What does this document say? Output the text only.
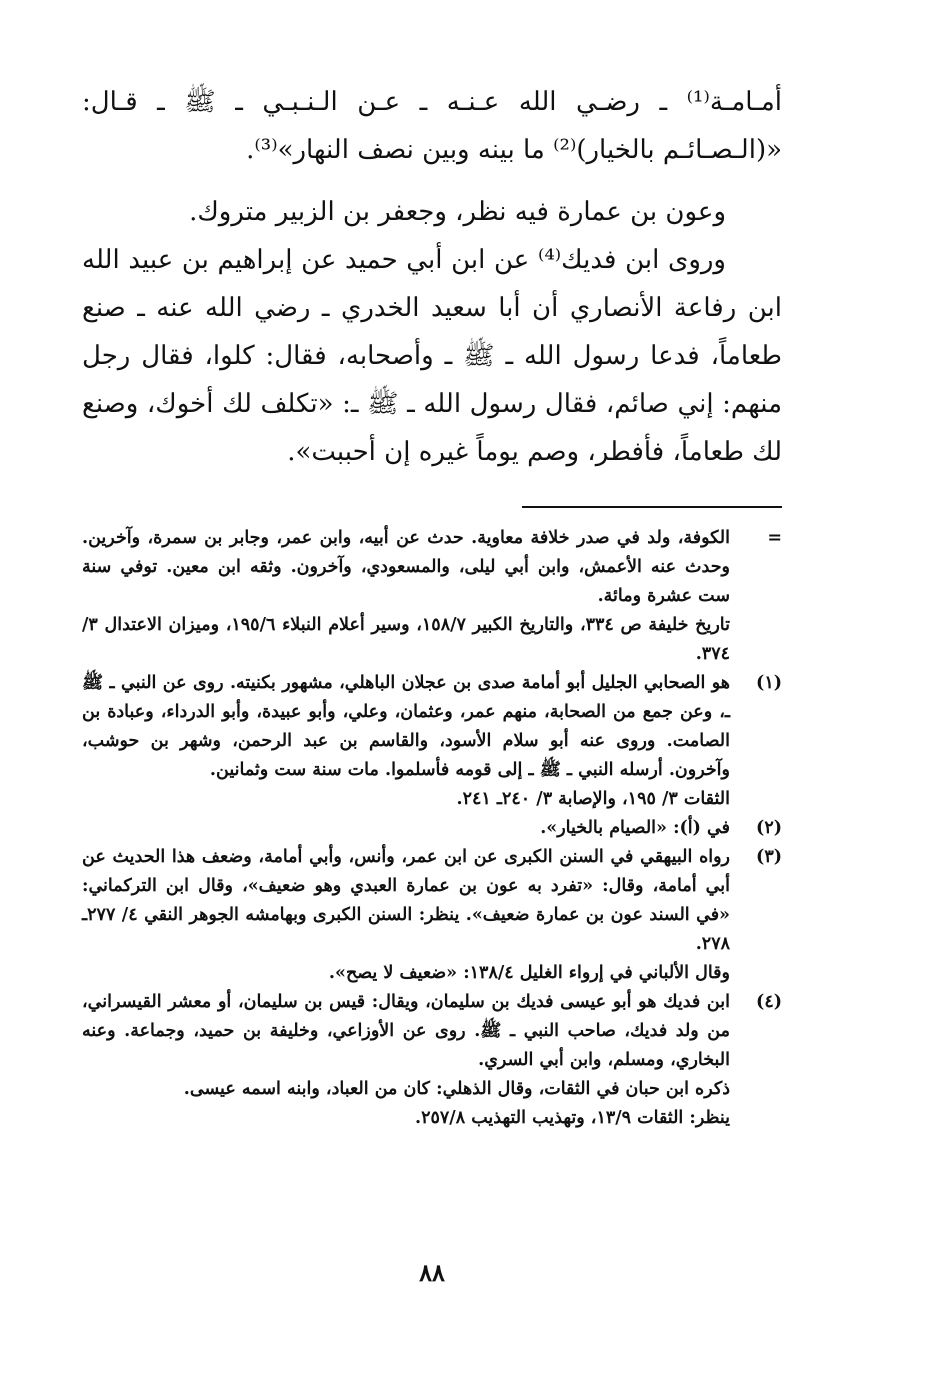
أمـامـة⁽¹⁾ ـ رضـي الله عـنـه ـ عـن الـنـبـي ـ ﷺ ـ قـال: «(الـصـائـم بالخيار)⁽²⁾ ما بينه وبين نصف النهار»⁽³⁾.

وعون بن عمارة فيه نظر، وجعفر بن الزبير متروك.

وروى ابن فديك⁽⁴⁾ عن ابن أبي حميد عن إبراهيم بن عبيد الله ابن رفاعة الأنصاري أن أبا سعيد الخدري ـ رضي الله عنه ـ صنع طعاماً، فدعا رسول الله ـ ﷺ ـ وأصحابه، فقال: كلوا، فقال رجل منهم: إني صائم، فقال رسول الله ـ ﷺ ـ: «تكلف لك أخوك، وصنع لك طعاماً، فأفطر، وصم يوماً غيره إن أحببت».

=

الكوفة، ولد في صدر خلافة معاوية. حدث عن أبيه، وابن عمر، وجابر بن سمرة، وآخرين. وحدث عنه الأعمش، وابن أبي ليلى، والمسعودي، وآخرون. وثقه ابن معين. توفي سنة ست عشرة ومائة.

تاريخ خليفة ص ٣٣٤، والتاريخ الكبير ١٥٨/٧، وسير أعلام النبلاء ١٩٥/٦، وميزان الاعتدال ٣/ ٣٧٤.

(١)

هو الصحابي الجليل أبو أمامة صدى بن عجلان الباهلي، مشهور بكنيته. روى عن النبي ـ ﷺ ـ، وعن جمع من الصحابة، منهم عمر، وعثمان، وعلي، وأبو عبيدة، وأبو الدرداء، وعبادة بن الصامت. وروى عنه أبو سلام الأسود، والقاسم بن عبد الرحمن، وشهر بن حوشب، وآخرون. أرسله النبي ـ ﷺ ـ إلى قومه فأسلموا. مات سنة ست وثمانين.

الثقات ٣/ ١٩٥، والإصابة ٣/ ٢٤٠ـ ٢٤١.

(٢)

في (أ): «الصيام بالخيار».

(٣)

رواه البيهقي في السنن الكبرى عن ابن عمر، وأنس، وأبي أمامة، وضعف هذا الحديث عن أبي أمامة، وقال: «تفرد به عون بن عمارة العبدي وهو ضعيف»، وقال ابن التركماني: «في السند عون بن عمارة ضعيف». ينظر: السنن الكبرى وبهامشه الجوهر النقي ٤/ ٢٧٧ـ ٢٧٨.

وقال الألباني في إرواء الغليل ١٣٨/٤: «ضعيف لا يصح».

(٤)

ابن فديك هو أبو عيسى فديك بن سليمان، ويقال: قيس بن سليمان، أو معشر القيسراني، من ولد فديك، صاحب النبي ـ ﷺ. روى عن الأوزاعي، وخليفة بن حميد، وجماعة. وعنه البخاري، ومسلم، وابن أبي السري.

ذكره ابن حبان في الثقات، وقال الذهلي: كان من العباد، وابنه اسمه عيسى.

ينظر: الثقات ١٣/٩، وتهذيب التهذيب ٢٥٧/٨.

٨٨
